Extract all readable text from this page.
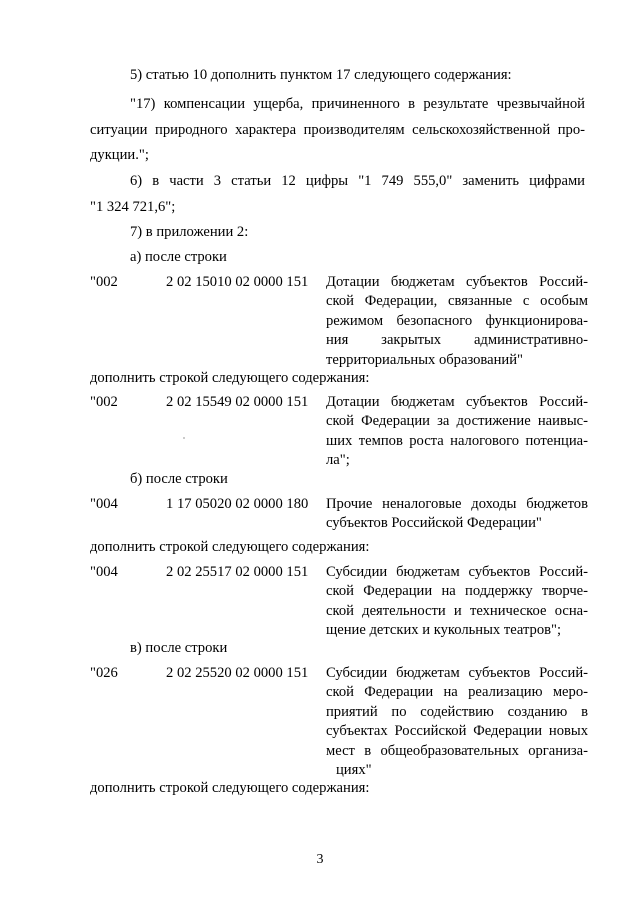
5) статью 10 дополнить пунктом 17 следующего содержания:
"17) компенсации ущерба, причиненного в результате чрезвычайной
ситуации природного характера производителям сельскохозяйственной про-
дукции.";
6) в части 3 статьи 12 цифры "1 749 555,0" заменить цифрами
"1 324 721,6";
7) в приложении 2:
а) после строки
"002	2 02 15010 02 0000 151 Дотации бюджетам субъектов Россий-
ской Федерации, связанные с особым
режимом безопасного функционирова-
ния закрытых административно-
территориальных образований"
дополнить строкой следующего содержания:
"002	2 02 15549 02 0000 151 Дотации бюджетам субъектов Россий-
ской Федерации за достижение наивыс-
ших темпов роста налогового потенциа-
ла";
б) после строки
"004	1 17 05020 02 0000 180 Прочие неналоговые доходы бюджетов
субъектов Российской Федерации"
дополнить строкой следующего содержания:
"004	2 02 25517 02 0000 151 Субсидии бюджетам субъектов Россий-
ской Федерации на поддержку творче-
ской деятельности и техническое осна-
щение детских и кукольных театров";
в) после строки
"026	2 02 25520 02 0000 151 Субсидии бюджетам субъектов Россий-
ской Федерации на реализацию меро-
приятий по содействию созданию в
субъектах Российской Федерации новых
мест в общеобразовательных организа-
циях"
дополнить строкой следующего содержания:
3
